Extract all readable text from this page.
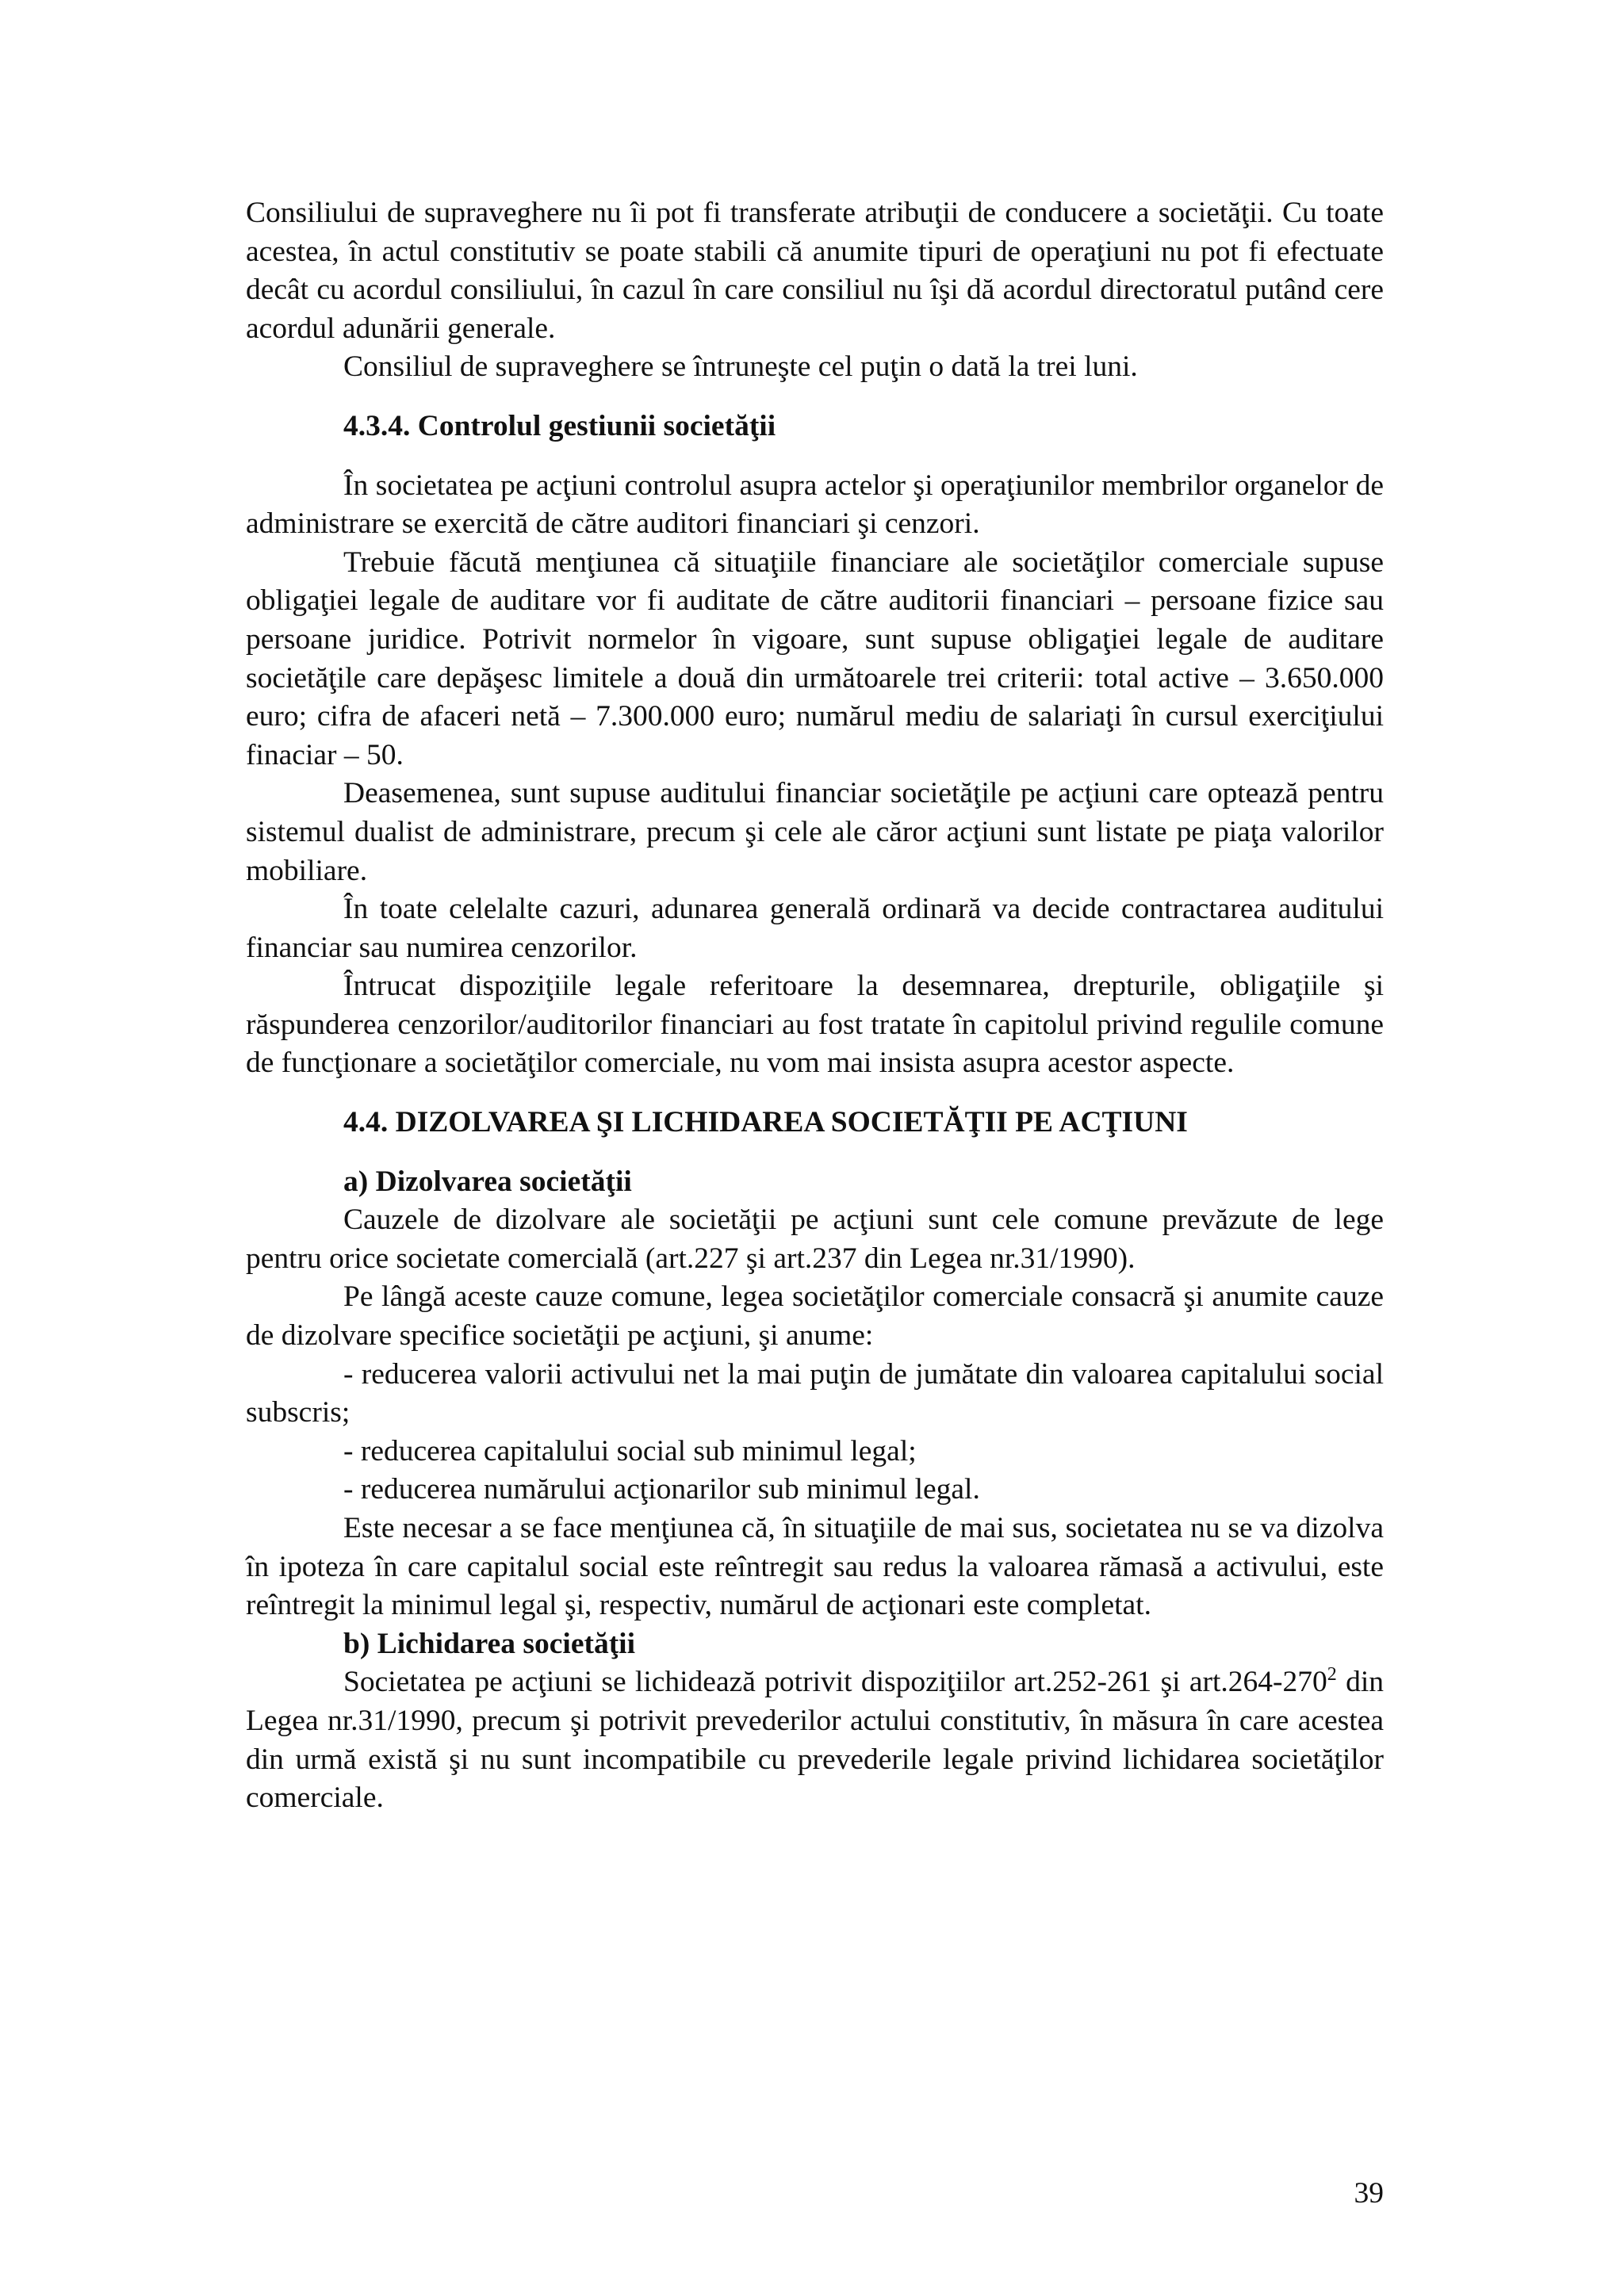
Consiliului de supraveghere nu îi pot fi transferate atribuţii de conducere a societăţii. Cu toate acestea, în actul constitutiv se poate stabili că anumite tipuri de operaţiuni nu pot fi efectuate decât cu acordul consiliului, în cazul în care consiliul nu îşi dă acordul directoratul putând cere acordul adunării generale.

Consiliul de supraveghere se întruneşte cel puţin o dată la trei luni.

4.3.4. Controlul gestiunii societăţii

În societatea pe acţiuni controlul asupra actelor şi operaţiunilor membrilor organelor de administrare se exercită de către auditori financiari şi cenzori.

Trebuie făcută menţiunea că situaţiile financiare ale societăţilor comerciale supuse obligaţiei legale de auditare vor fi auditate de către auditorii financiari – persoane fizice sau persoane juridice. Potrivit normelor în vigoare, sunt supuse obligaţiei legale de auditare societăţile care depăşesc limitele a două din următoarele trei criterii: total active – 3.650.000 euro; cifra de afaceri netă – 7.300.000 euro; numărul mediu de salariaţi în cursul exerciţiului finaciar – 50.

Deasemenea, sunt supuse auditului financiar societăţile pe acţiuni care optează pentru sistemul dualist de administrare, precum şi cele ale căror acţiuni sunt listate pe piaţa valorilor mobiliare.

În toate celelalte cazuri, adunarea generală ordinară va decide contractarea auditului financiar sau numirea cenzorilor.

Întrucat dispoziţiile legale referitoare la desemnarea, drepturile, obligaţiile şi răspunderea cenzorilor/auditorilor financiari au fost tratate în capitolul privind regulile comune de funcţionare a societăţilor comerciale, nu vom mai insista asupra acestor aspecte.

4.4. DIZOLVAREA ŞI LICHIDAREA SOCIETĂŢII PE ACŢIUNI

a) Dizolvarea societăţii

Cauzele de dizolvare ale societăţii pe acţiuni sunt cele comune prevăzute de lege pentru orice societate comercială (art.227 şi art.237 din Legea nr.31/1990).

Pe lângă aceste cauze comune, legea societăţilor comerciale consacră şi anumite cauze de dizolvare specifice societăţii pe acţiuni, şi anume:

- reducerea valorii activului net la mai puţin de jumătate din valoarea capitalului social subscris;

- reducerea capitalului social sub minimul legal;

- reducerea numărului acţionarilor sub minimul legal.

Este necesar a se face menţiunea că, în situaţiile de mai sus, societatea nu se va dizolva în ipoteza în care capitalul social este reîntregit sau redus la valoarea rămasă a activului, este reîntregit la minimul legal şi, respectiv, numărul de acţionari este completat.

b) Lichidarea societăţii

Societatea pe acţiuni se lichidează potrivit dispoziţiilor art.252-261 şi $art.264-270^2$ din Legea nr.31/1990, precum şi potrivit prevederilor actului constitutiv, în măsura în care acestea din urmă există şi nu sunt incompatibile cu prevederile legale privind lichidarea societăţilor comerciale.

39
